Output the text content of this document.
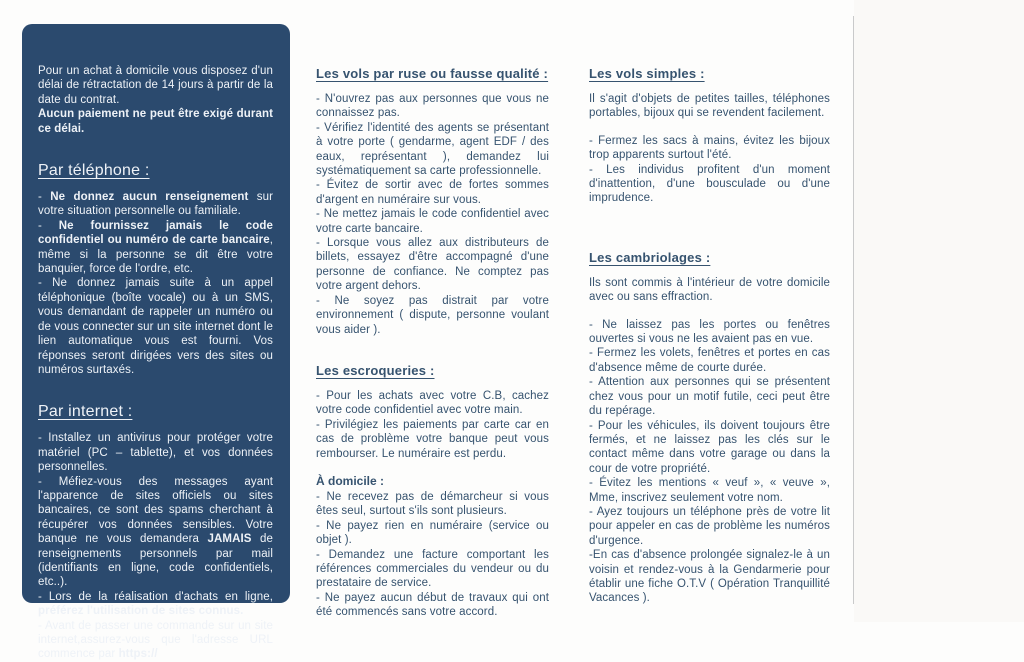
Pour un achat à domicile vous disposez d'un délai de rétractation de 14 jours à partir de la date du contrat.

Aucun paiement ne peut être exigé durant ce délai.

Par téléphone :

- Ne donnez aucun renseignement sur votre situation personnelle ou familiale.

- Ne fournissez jamais le code confidentiel ou numéro de carte bancaire, même si la personne se dit être votre banquier, force de l'ordre, etc.

- Ne donnez jamais suite à un appel téléphonique (boîte vocale) ou à un SMS, vous demandant de rappeler un numéro ou de vous connecter sur un site internet dont le lien automatique vous est fourni. Vos réponses seront dirigées vers des sites ou numéros surtaxés.

Par internet :

- Installez un antivirus pour protéger votre matériel (PC – tablette), et vos données personnelles.

- Méfiez-vous des messages ayant l'apparence de sites officiels ou sites bancaires, ce sont des spams cherchant à récupérer vos données sensibles. Votre banque ne vous demandera JAMAIS de renseignements personnels par mail (identifiants en ligne, code confidentiels, etc..).

- Lors de la réalisation d'achats en ligne, préférez l'utilisation de sites connus.

- Avant de passer une commande sur un site internet,assurez-vous que l'adresse URL commence par https://

Les vols par ruse ou fausse qualité :

- N'ouvrez pas aux personnes que vous ne connaissez pas.

- Vérifiez l'identité des agents se présentant à votre porte ( gendarme, agent EDF / des eaux, représentant ), demandez lui systématiquement sa carte professionnelle.

- Évitez de sortir avec de fortes sommes d'argent en numéraire sur vous.

- Ne mettez jamais le code confidentiel avec votre carte bancaire.

- Lorsque vous allez aux distributeurs de billets, essayez d'être accompagné d'une personne de confiance. Ne comptez pas votre argent dehors.

- Ne soyez pas distrait par votre environnement ( dispute, personne voulant vous aider ).

Les escroqueries :

- Pour les achats avec votre C.B, cachez votre code confidentiel avec votre main.

- Privilégiez les paiements par carte car en cas de problème votre banque peut vous rembourser. Le numéraire est perdu.

À domicile :

- Ne recevez pas de démarcheur si vous êtes seul, surtout s'ils sont plusieurs.

- Ne payez rien en numéraire (service ou objet ).

- Demandez une facture comportant les références commerciales du vendeur ou du prestataire de service.

- Ne payez aucun début de travaux qui ont été commencés sans votre accord.

Les vols simples :

Il s'agit d'objets de petites tailles, téléphones portables, bijoux qui se revendent facilement.

- Fermez les sacs à mains, évitez les bijoux trop apparents surtout l'été.

- Les individus profitent d'un moment d'inattention, d'une bousculade ou d'une imprudence.

Les cambriolages :

Ils sont commis à l'intérieur de votre domicile avec ou sans effraction.

- Ne laissez pas les portes ou fenêtres ouvertes si vous ne les avaient pas en vue.

- Fermez les volets, fenêtres et portes en cas d'absence même de courte durée.

- Attention aux personnes qui se présentent chez vous pour un motif futile, ceci peut être du repérage.

- Pour les véhicules, ils doivent toujours être fermés, et ne laissez pas les clés sur le contact même dans votre garage ou dans la cour de votre propriété.

- Évitez les mentions « veuf », « veuve », Mme, inscrivez seulement votre nom.

- Ayez toujours un téléphone près de votre lit pour appeler en cas de problème les numéros d'urgence.

-En cas d'absence prolongée signalez-le à un voisin et rendez-vous à la Gendarmerie pour établir une fiche O.T.V ( Opération Tranquillité Vacances ).
